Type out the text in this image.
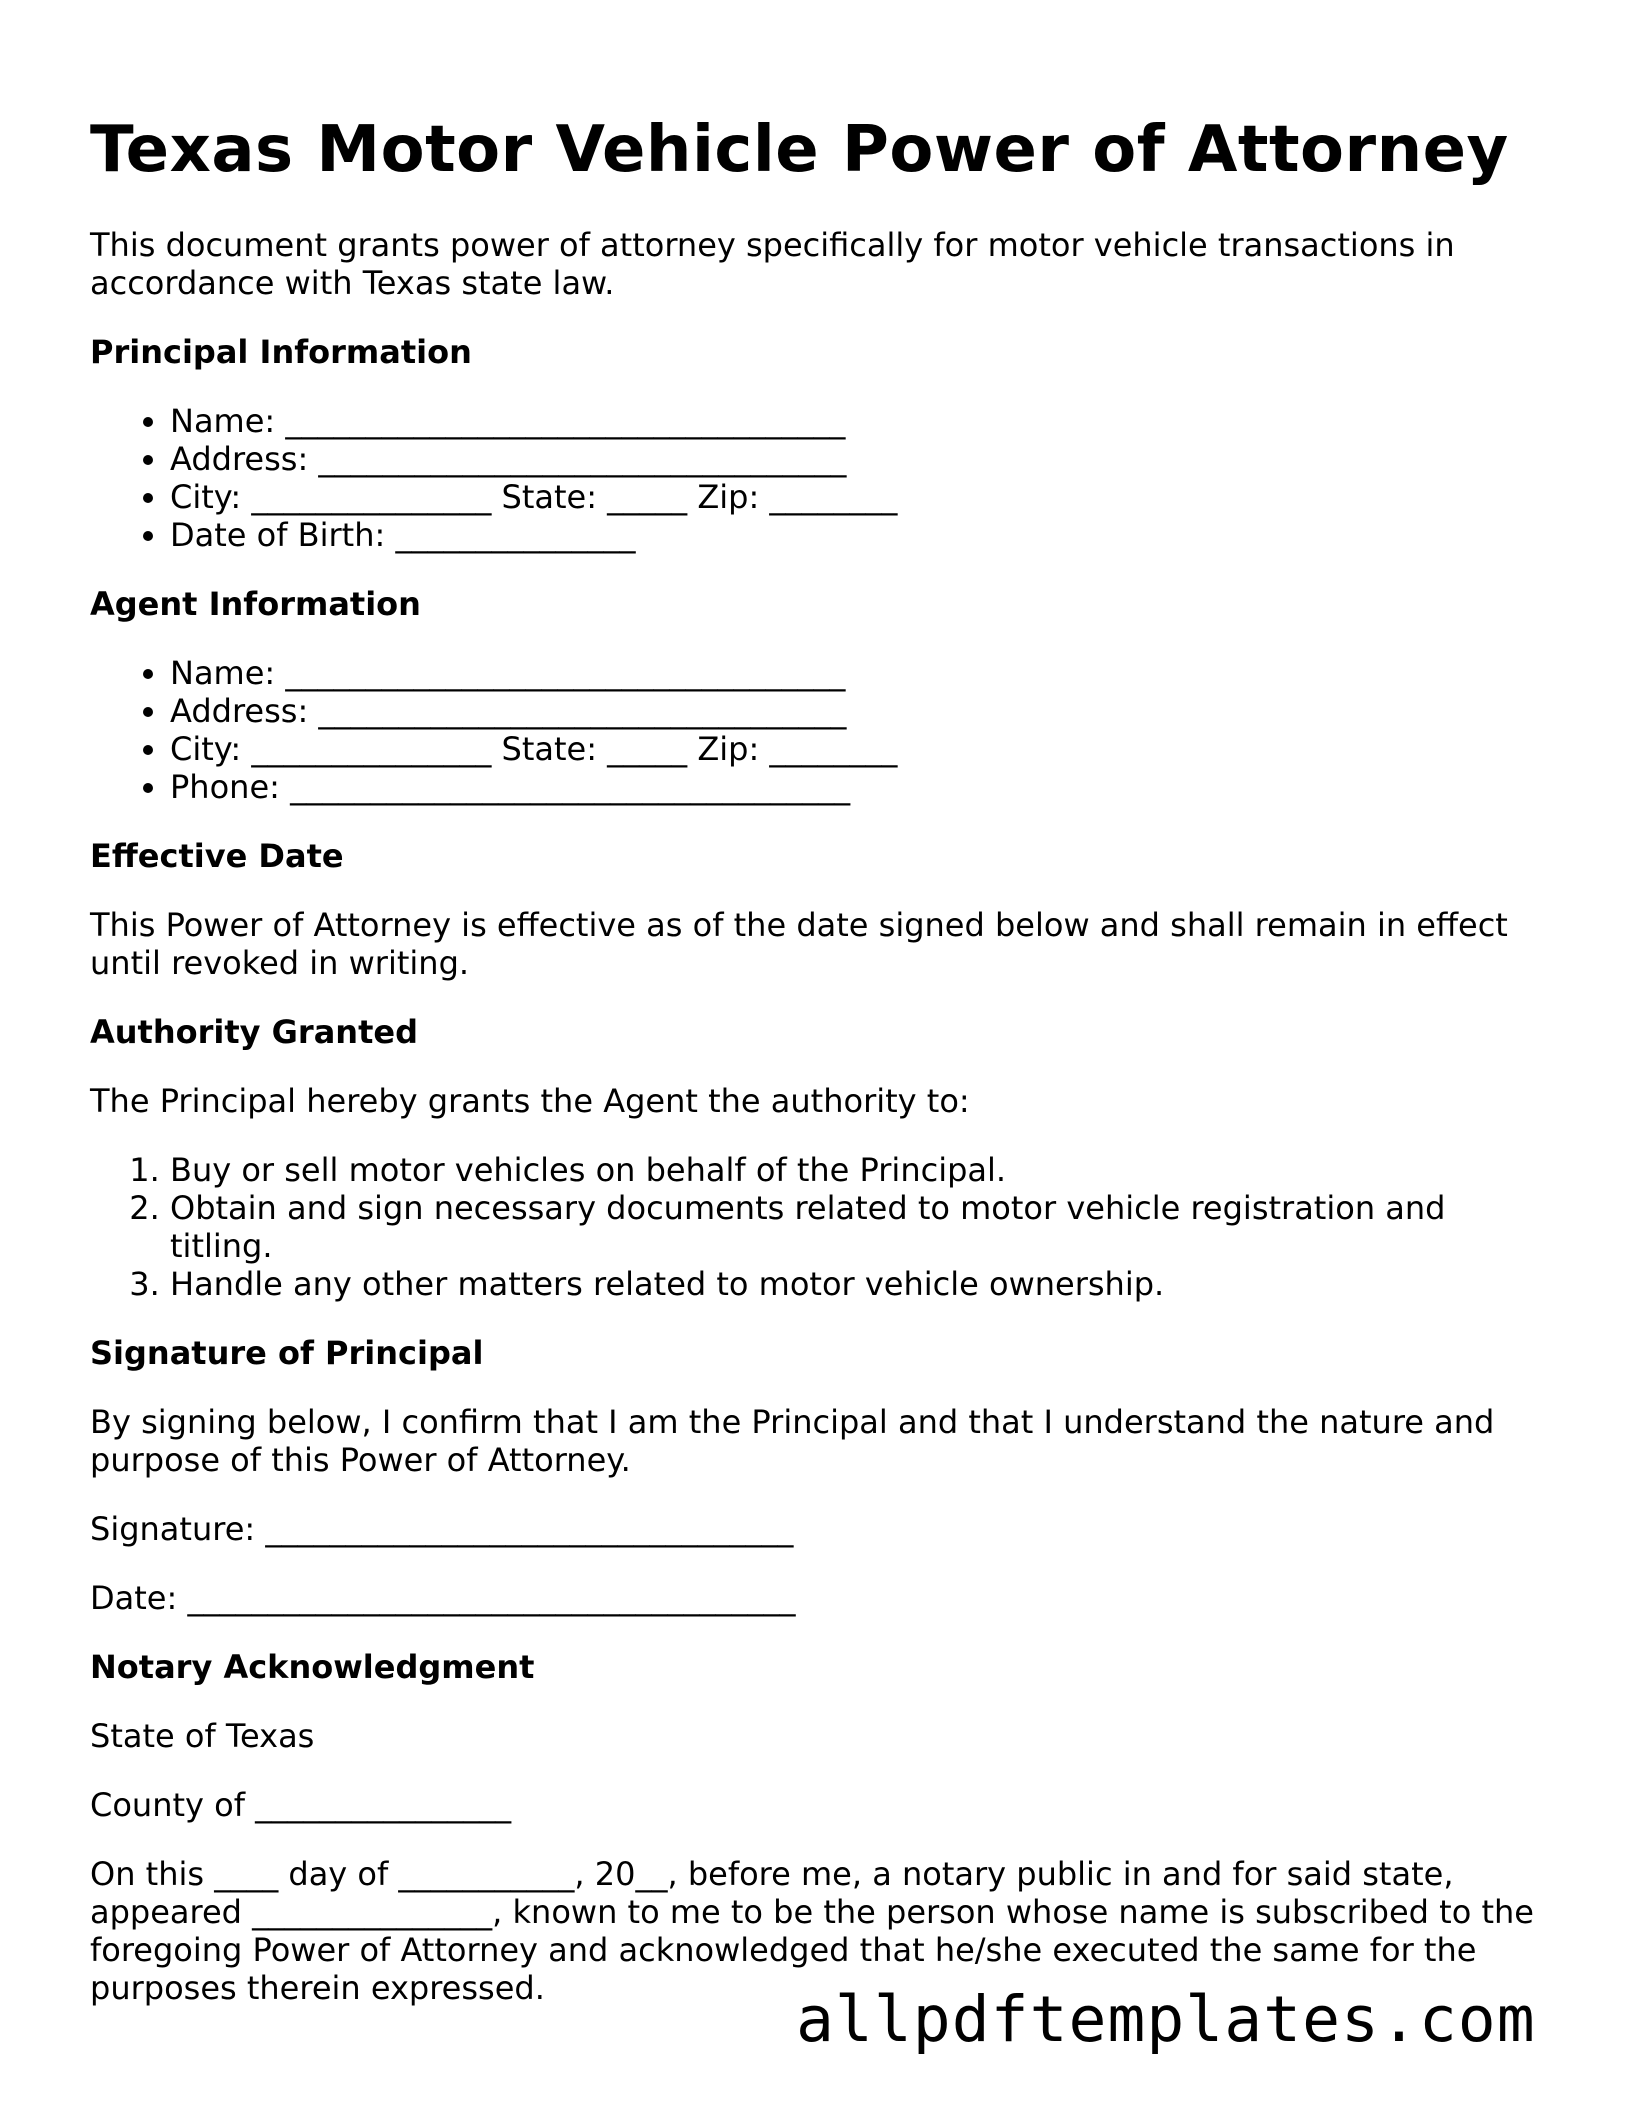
Texas Motor Vehicle Power of Attorney

This document grants power of attorney specifically for motor vehicle transactions in accordance with Texas state law.

Principal Information
• Name: ___________________________________
• Address: _________________________________
• City: _______________ State: _____ Zip: ________
• Date of Birth: _______________
Agent Information
• Name: ___________________________________
• Address: _________________________________
• City: _______________ State: _____ Zip: ________
• Phone: ___________________________________
Effective Date

This Power of Attorney is effective as of the date signed below and shall remain in effect until revoked in writing.

Authority Granted

The Principal hereby grants the Agent the authority to:

1. Buy or sell motor vehicles on behalf of the Principal.
2. Obtain and sign necessary documents related to motor vehicle registration and titling.
3. Handle any other matters related to motor vehicle ownership.
Signature of Principal

By signing below, I confirm that I am the Principal and that I understand the nature and purpose of this Power of Attorney.

Signature: _________________________________

Date: ______________________________________

Notary Acknowledgment

State of Texas

County of ________________

On this ____ day of ___________, 20__, before me, a notary public in and for said state, appeared _______________, known to me to be the person whose name is subscribed to the foregoing Power of Attorney and acknowledged that he/she executed the same for the purposes therein expressed.	allpdftemplates.com
